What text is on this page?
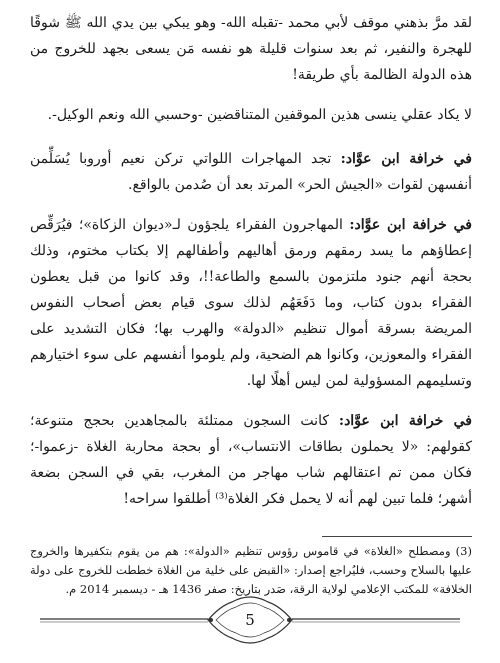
لقد مرَّ بذهني موقف لأبي محمد -تقبله الله- وهو يبكي بين يدي الله ﷺ شوقًا للهجرة والنفير، ثم بعد سنوات قليلة هو نفسه مَن يسعى بجهد للخروج من هذه الدولة الظالمة بأي طريقة!

لا يكاد عقلي ينسى هذين الموقفين المتناقضين -وحسبي الله ونعم الوكيل-.

في خرافة ابن عوَّاد: تجد المهاجرات اللواتي تركن نعيم أوروبا يُسَلِّمن أنفسهن لقوات «الجيش الحر» المرتد بعد أن صُدمن بالواقع.

في خرافة ابن عوَّاد: المهاجرون الفقراء يلجؤون لـ«ديوان الزكاة»؛ فيُرَقِّص إعطاؤهم ما يسد رمقهم ورمق أهاليهم وأطفالهم إلا بكتاب مختوم، وذلك بحجة أنهم جنود ملتزمون بالسمع والطاعة!!، وقد كانوا من قبل يعطون الفقراء بدون كتاب، وما دَفَعَهُم لذلك سوى قيام بعض أصحاب النفوس المريضة بسرقة أموال تنظيم «الدولة» والهرب بها؛ فكان التشديد على الفقراء والمعوزين، وكانوا هم الضحية، ولم يلوموا أنفسهم على سوء اختيارهم وتسليمهم المسؤولية لمن ليس أهلًا لها.

في خرافة ابن عوَّاد: كانت السجون ممتلئة بالمجاهدين بحجج متنوعة؛ كقولهم: «لا يحملون بطاقات الانتساب»، أو بحجة محاربة الغلاة -زعموا-؛ فكان ممن تم اعتقالهم شاب مهاجر من المغرب، بقي في السجن بضعة أشهر؛ فلما تبين لهم أنه لا يحمل فكر الغلاة⁽³⁾ أطلقوا سراحه!

(3) ومصطلح «الغلاة» في قاموس رؤوس تنظيم «الدولة»: هم من يقوم بتكفيرها والخروج عليها بالسلاح وحسب، فليُراجع إصدار: «القبض على خلية من الغلاة خططت للخروج على دولة الخلافة» للمكتب الإعلامي لولاية الرقة، صَدر بتاريخ: صفر 1436 هـ - ديسمبر 2014 م.
5
